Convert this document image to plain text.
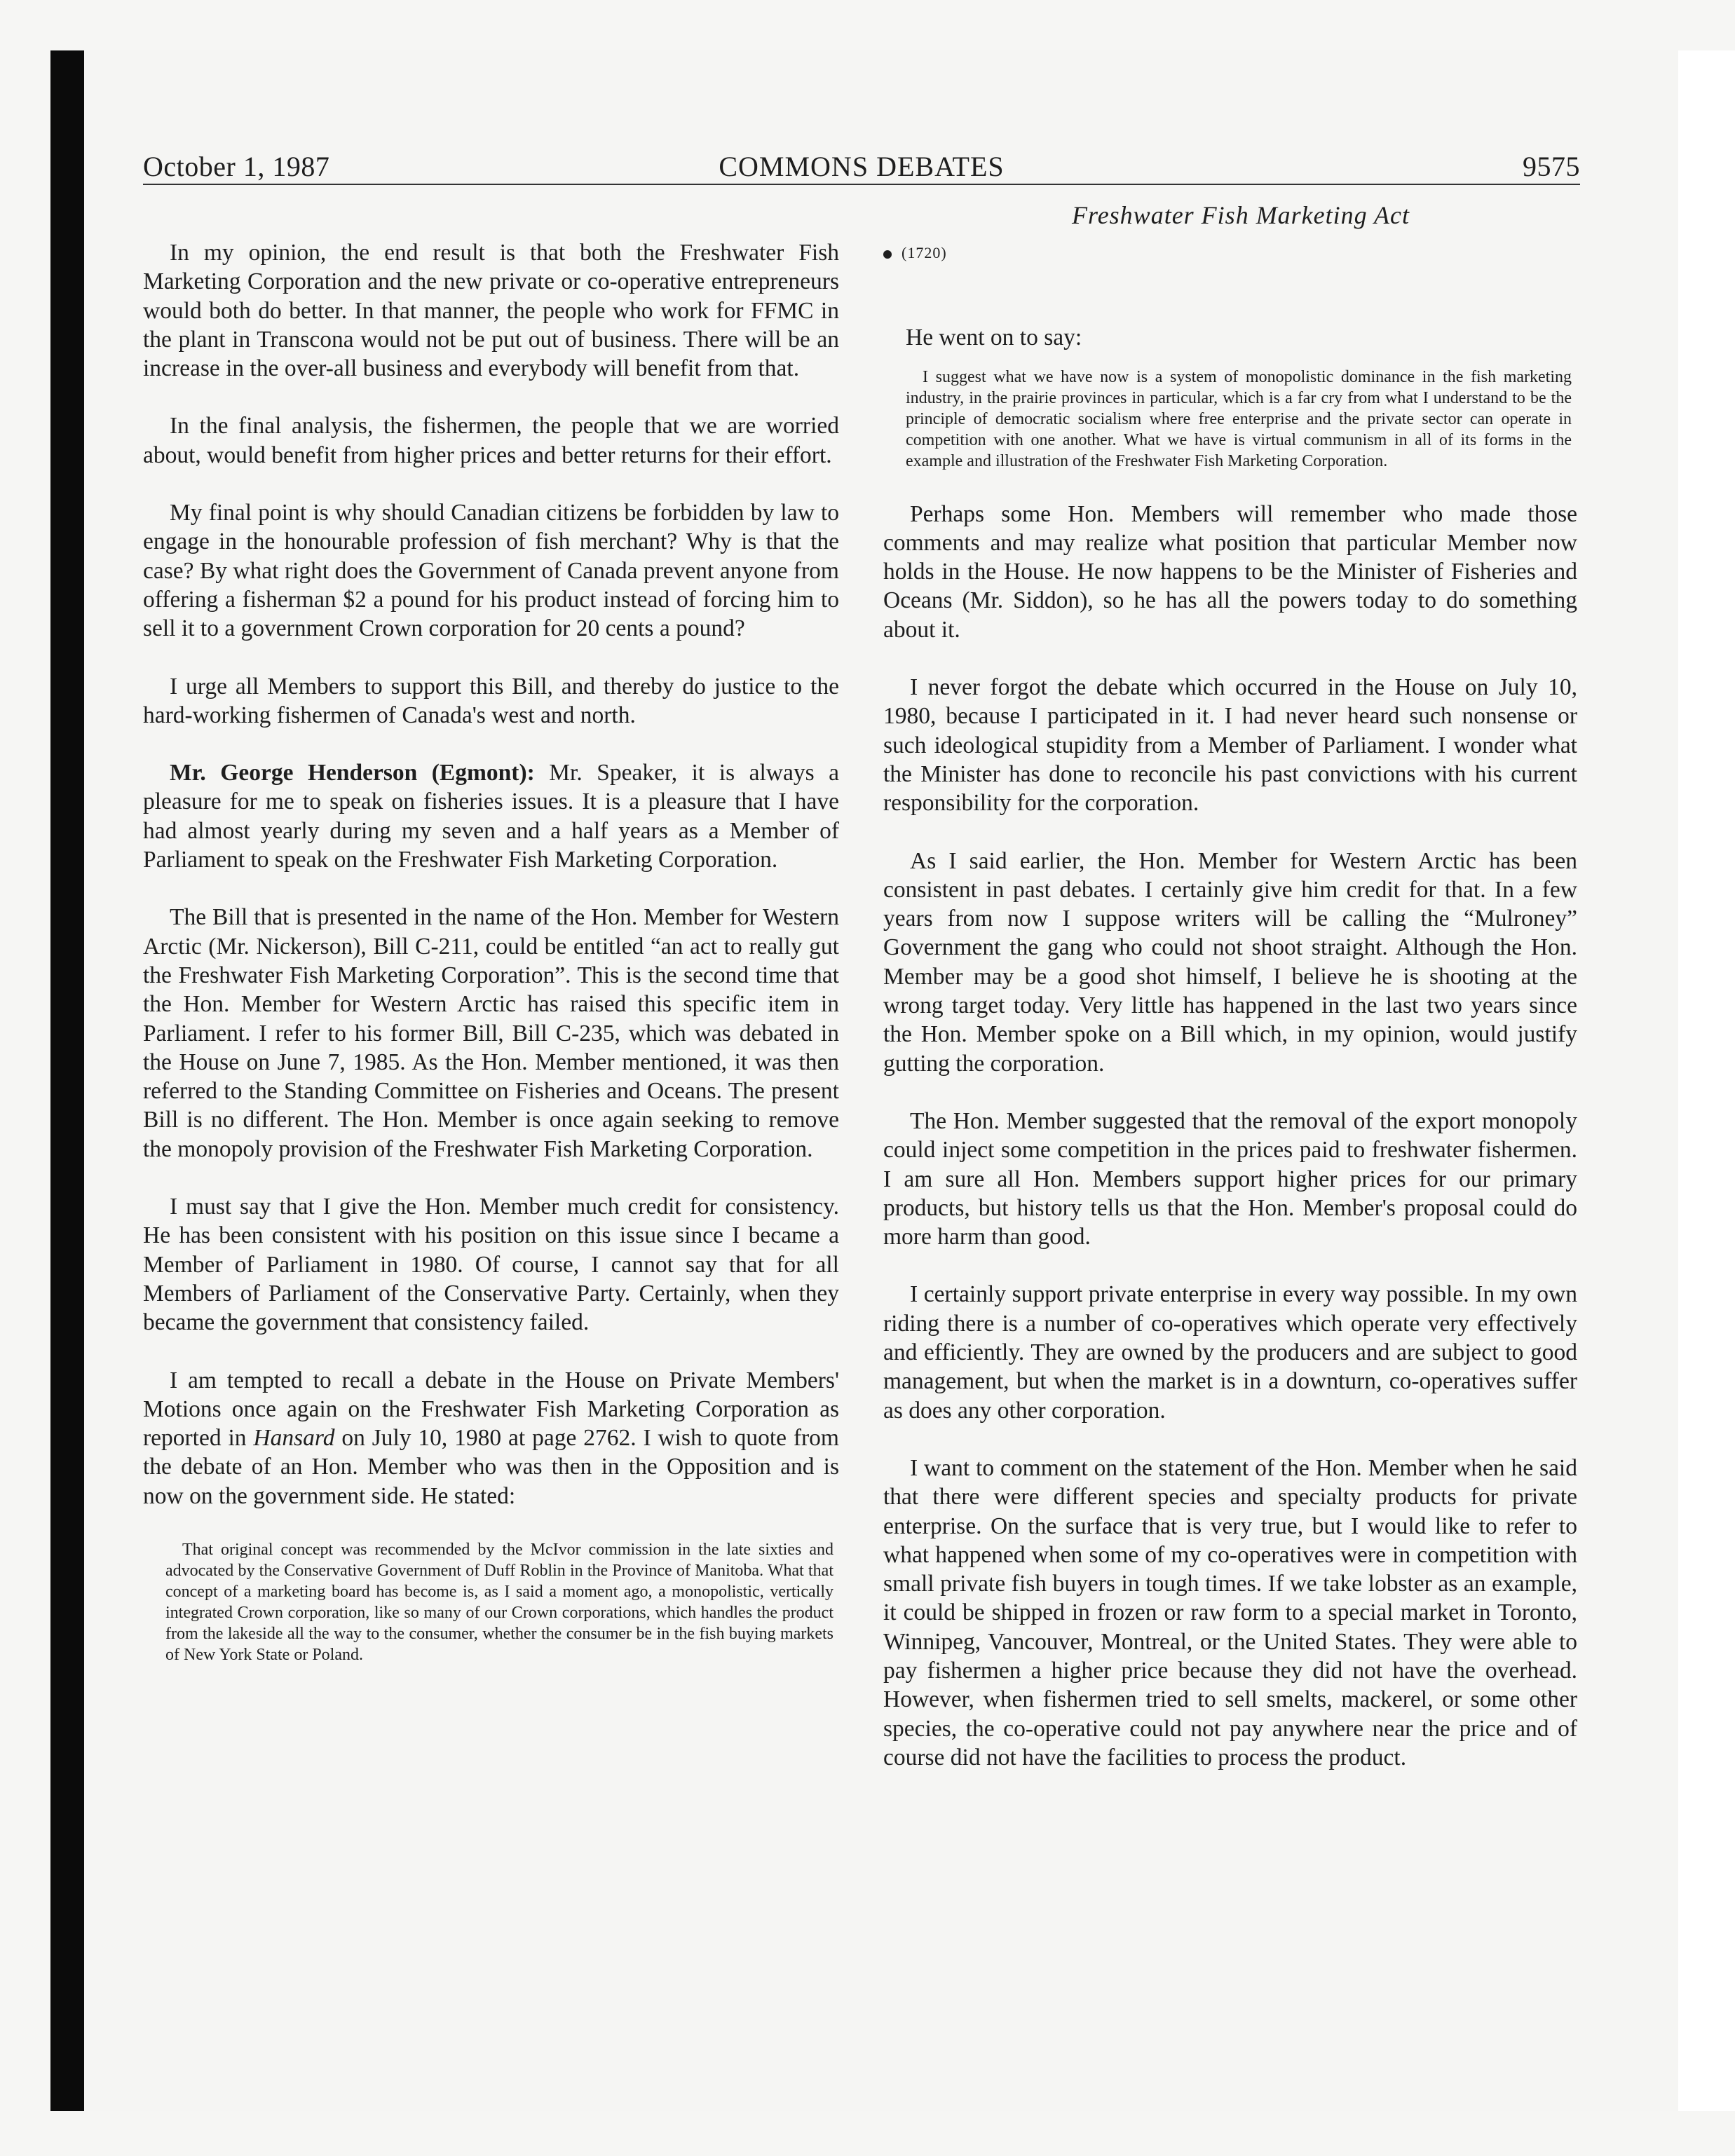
October 1, 1987	COMMONS DEBATES	9575
Freshwater Fish Marketing Act

In my opinion, the end result is that both the Freshwater Fish Marketing Corporation and the new private or co-operative entrepreneurs would both do better. In that manner, the people who work for FFMC in the plant in Transcona would not be put out of business. There will be an increase in the over-all business and everybody will benefit from that.

In the final analysis, the fishermen, the people that we are worried about, would benefit from higher prices and better returns for their effort.

My final point is why should Canadian citizens be forbidden by law to engage in the honourable profession of fish merchant? Why is that the case? By what right does the Government of Canada prevent anyone from offering a fisherman $2 a pound for his product instead of forcing him to sell it to a government Crown corporation for 20 cents a pound?

I urge all Members to support this Bill, and thereby do justice to the hard-working fishermen of Canada's west and north.

Mr. George Henderson (Egmont): Mr. Speaker, it is always a pleasure for me to speak on fisheries issues. It is a pleasure that I have had almost yearly during my seven and a half years as a Member of Parliament to speak on the Freshwater Fish Marketing Corporation.

The Bill that is presented in the name of the Hon. Member for Western Arctic (Mr. Nickerson), Bill C-211, could be entitled “an act to really gut the Freshwater Fish Marketing Corporation”. This is the second time that the Hon. Member for Western Arctic has raised this specific item in Parliament. I refer to his former Bill, Bill C-235, which was debated in the House on June 7, 1985. As the Hon. Member mentioned, it was then referred to the Standing Committee on Fisheries and Oceans. The present Bill is no different. The Hon. Member is once again seeking to remove the monopoly provision of the Freshwater Fish Marketing Corporation.

I must say that I give the Hon. Member much credit for consistency. He has been consistent with his position on this issue since I became a Member of Parliament in 1980. Of course, I cannot say that for all Members of Parliament of the Conservative Party. Certainly, when they became the government that consistency failed.

I am tempted to recall a debate in the House on Private Members' Motions once again on the Freshwater Fish Marketing Corporation as reported in Hansard on July 10, 1980 at page 2762. I wish to quote from the debate of an Hon. Member who was then in the Opposition and is now on the government side. He stated:

That original concept was recommended by the McIvor commission in the late sixties and advocated by the Conservative Government of Duff Roblin in the Province of Manitoba. What that concept of a marketing board has become is, as I said a moment ago, a monopolistic, vertically integrated Crown corporation, like so many of our Crown corporations, which handles the product from the lakeside all the way to the consumer, whether the consumer be in the fish buying markets of New York State or Poland.

(1720)

He went on to say:

I suggest what we have now is a system of monopolistic dominance in the fish marketing industry, in the prairie provinces in particular, which is a far cry from what I understand to be the principle of democratic socialism where free enterprise and the private sector can operate in competition with one another. What we have is virtual communism in all of its forms in the example and illustration of the Freshwater Fish Marketing Corporation.

Perhaps some Hon. Members will remember who made those comments and may realize what position that particular Member now holds in the House. He now happens to be the Minister of Fisheries and Oceans (Mr. Siddon), so he has all the powers today to do something about it.

I never forgot the debate which occurred in the House on July 10, 1980, because I participated in it. I had never heard such nonsense or such ideological stupidity from a Member of Parliament. I wonder what the Minister has done to reconcile his past convictions with his current responsibility for the corporation.

As I said earlier, the Hon. Member for Western Arctic has been consistent in past debates. I certainly give him credit for that. In a few years from now I suppose writers will be calling the “Mulroney” Government the gang who could not shoot straight. Although the Hon. Member may be a good shot himself, I believe he is shooting at the wrong target today. Very little has happened in the last two years since the Hon. Member spoke on a Bill which, in my opinion, would justify gutting the corporation.

The Hon. Member suggested that the removal of the export monopoly could inject some competition in the prices paid to freshwater fishermen. I am sure all Hon. Members support higher prices for our primary products, but history tells us that the Hon. Member's proposal could do more harm than good.

I certainly support private enterprise in every way possible. In my own riding there is a number of co-operatives which operate very effectively and efficiently. They are owned by the producers and are subject to good management, but when the market is in a downturn, co-operatives suffer as does any other corporation.

I want to comment on the statement of the Hon. Member when he said that there were different species and specialty products for private enterprise. On the surface that is very true, but I would like to refer to what happened when some of my co-operatives were in competition with small private fish buyers in tough times. If we take lobster as an example, it could be shipped in frozen or raw form to a special market in Toronto, Winnipeg, Vancouver, Montreal, or the United States. They were able to pay fishermen a higher price because they did not have the overhead. However, when fishermen tried to sell smelts, mackerel, or some other species, the co-operative could not pay anywhere near the price and of course did not have the facilities to process the product.
